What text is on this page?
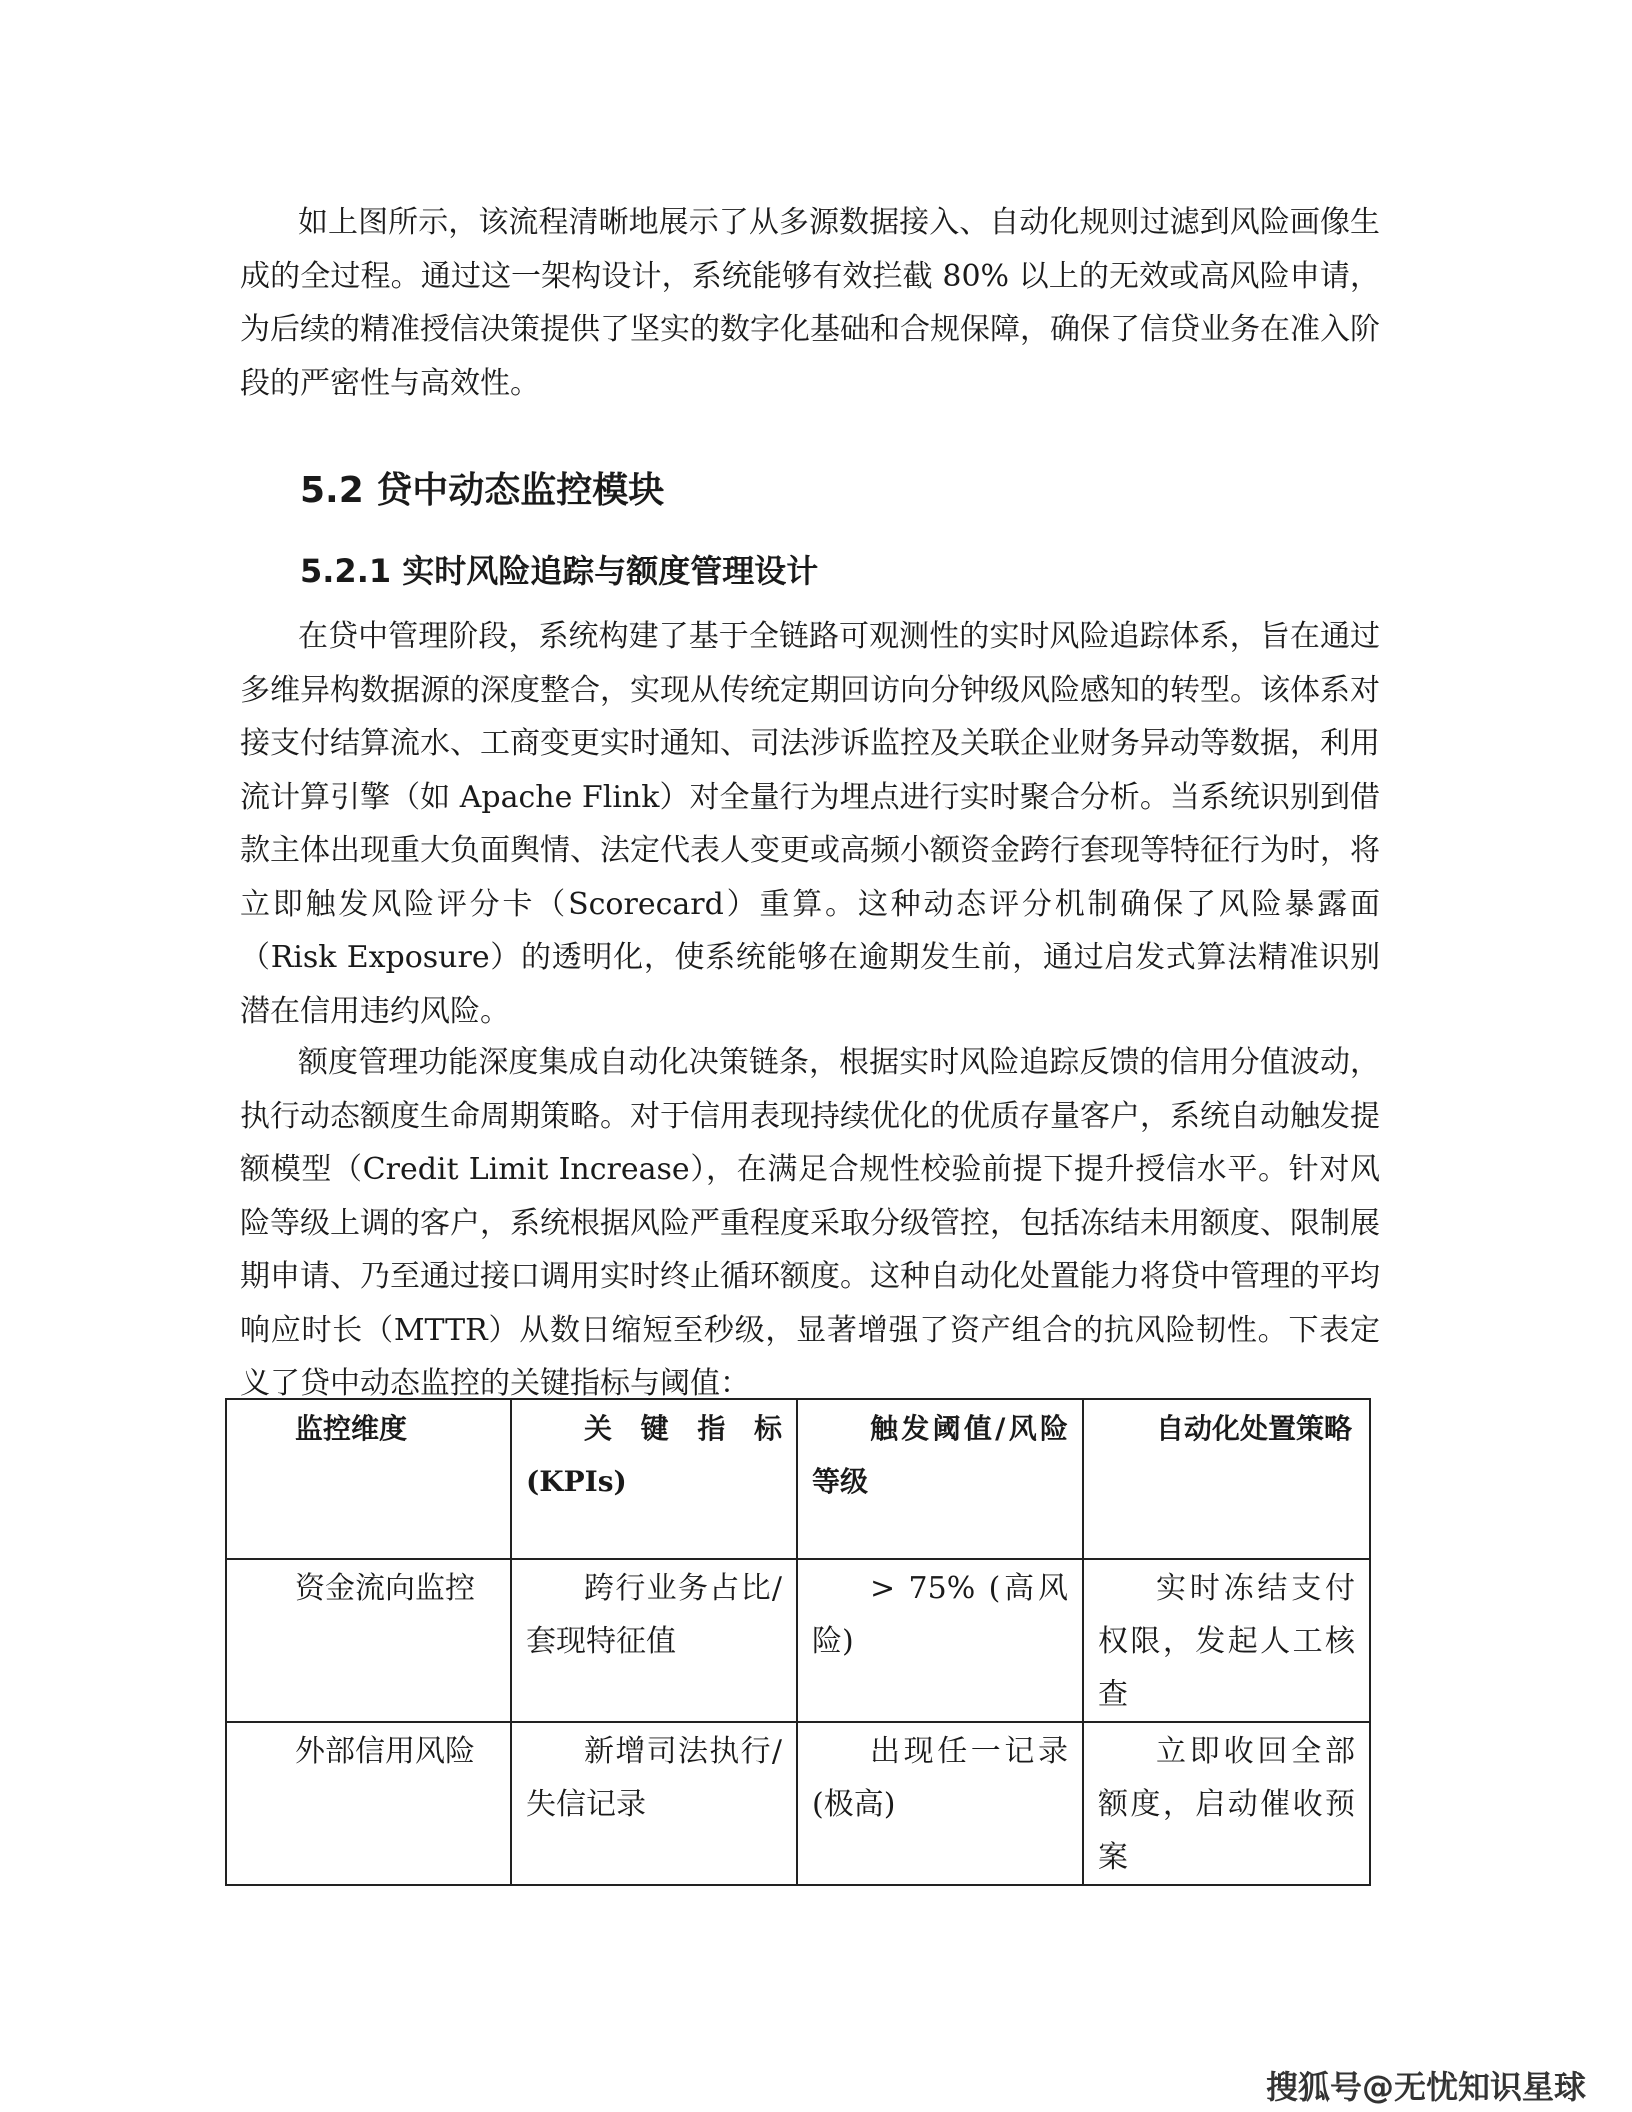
如上图所示，该流程清晰地展示了从多源数据接入、自动化规则过滤到风险画像生成的全过程。通过这一架构设计，系统能够有效拦截 80% 以上的无效或高风险申请，为后续的精准授信决策提供了坚实的数字化基础和合规保障，确保了信贷业务在准入阶段的严密性与高效性。

5.2 贷中动态监控模块
5.2.1 实时风险追踪与额度管理设计

在贷中管理阶段，系统构建了基于全链路可观测性的实时风险追踪体系，旨在通过多维异构数据源的深度整合，实现从传统定期回访向分钟级风险感知的转型。该体系对接支付结算流水、工商变更实时通知、司法涉诉监控及关联企业财务异动等数据，利用流计算引擎（如 Apache Flink）对全量行为埋点进行实时聚合分析。当系统识别到借款主体出现重大负面舆情、法定代表人变更或高频小额资金跨行套现等特征行为时，将立即触发风险评分卡（Scorecard）重算。这种动态评分机制确保了风险暴露面（Risk Exposure）的透明化，使系统能够在逾期发生前，通过启发式算法精准识别潜在信用违约风险。

额度管理功能深度集成自动化决策链条，根据实时风险追踪反馈的信用分值波动，执行动态额度生命周期策略。对于信用表现持续优化的优质存量客户，系统自动触发提额模型（Credit Limit Increase），在满足合规性校验前提下提升授信水平。针对风险等级上调的客户，系统根据风险严重程度采取分级管控，包括冻结未用额度、限制展期申请、乃至通过接口调用实时终止循环额度。这种自动化处置能力将贷中管理的平均响应时长（MTTR）从数日缩短至秒级，显著增强了资产组合的抗风险韧性。下表定义了贷中动态监控的关键指标与阈值：

监控维度	关键指标(KPIs)	触发阈值/风险等级	自动化处置策略

资金流向监控	跨行业务占比/套现特征值	> 75% (高风险)	实时冻结支付权限，发起人工核查

外部信用风险	新增司法执行/失信记录	出现任一记录(极高)	立即收回全部额度，启动催收预案
搜狐号@无忧知识星球
